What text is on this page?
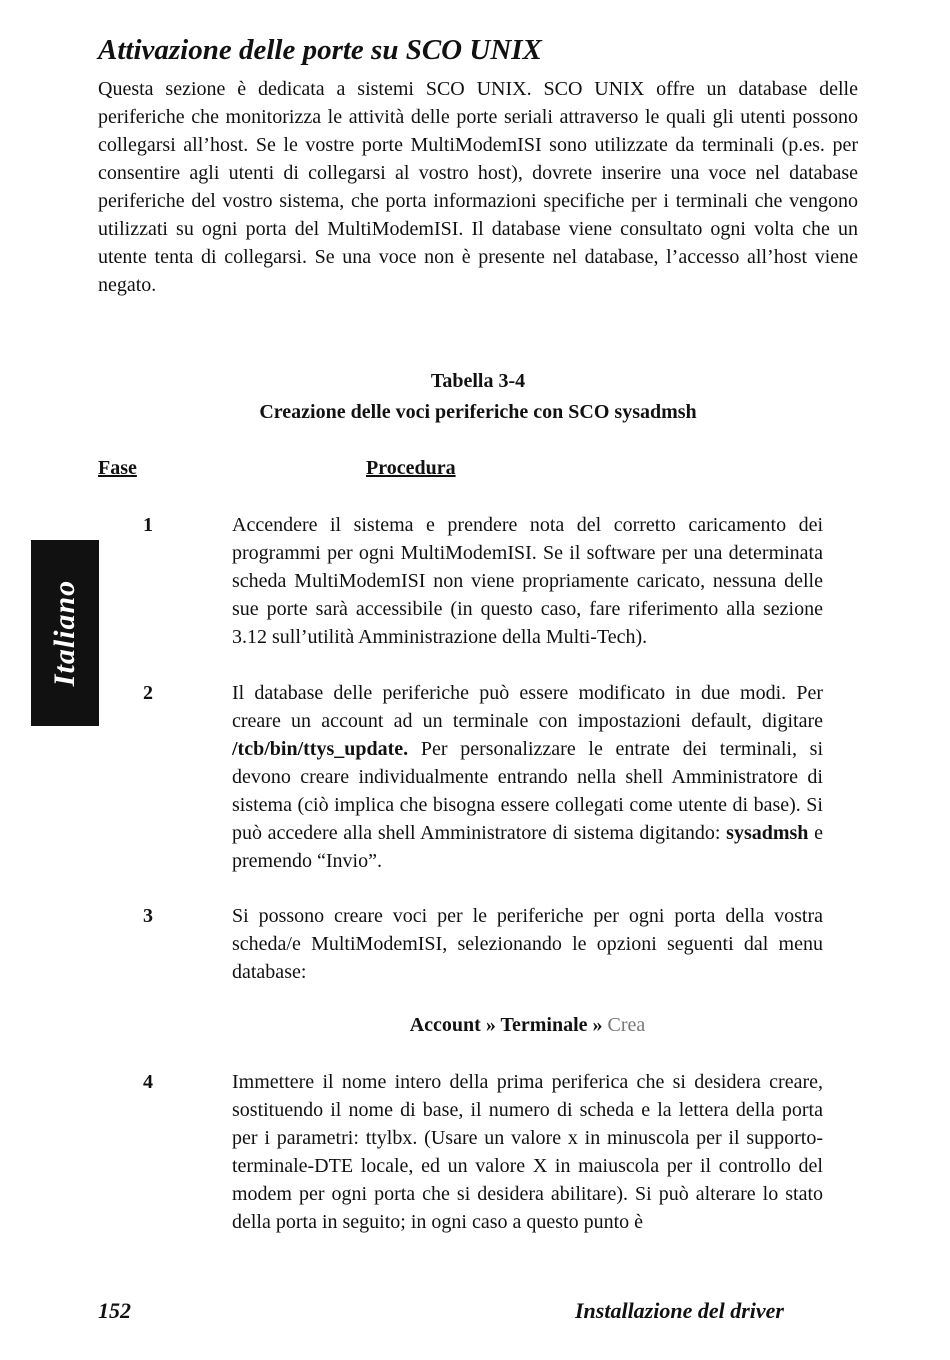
Attivazione delle porte su SCO UNIX

Questa sezione è dedicata a sistemi SCO UNIX. SCO UNIX offre un database delle periferiche che monitorizza le attività delle porte seriali attraverso le quali gli utenti possono collegarsi all’host. Se le vostre porte MultiModemISI sono utilizzate da terminali (p.es. per consentire agli utenti di collegarsi al vostro host), dovrete inserire una voce nel database periferiche del vostro sistema, che porta informazioni specifiche per i terminali che vengono utilizzati su ogni porta del MultiModemISI. Il database viene consultato ogni volta che un utente tenta di collegarsi. Se una voce non è presente nel database, l’accesso all’host viene negato.

Tabella 3-4
Creazione delle voci periferiche con SCO sysadmsh
Fase	Procedura
1	Accendere il sistema e prendere nota del corretto caricamento dei programmi per ogni MultiModemISI. Se il software per una determinata scheda MultiModemISI non viene propriamente caricato, nessuna delle sue porte sarà accessibile (in questo caso, fare riferimento alla sezione 3.12 sull’utilità Amministrazione della Multi-Tech).

2	Il database delle periferiche può essere modificato in due modi. Per creare un account ad un terminale con impostazioni default, digitare /tcb/bin/ttys_update. Per personalizzare le entrate dei terminali, si devono creare individualmente entrando nella shell Amministratore di sistema (ciò implica che bisogna essere collegati come utente di base). Si può accedere alla shell Amministratore di sistema digitando: sysadmsh e premendo “Invio”.

3	Si possono creare voci per le periferiche per ogni porta della vostra scheda/e MultiModemISI, selezionando le opzioni seguenti dal menu database:

Account » Terminale » Crea
4	Immettere il nome intero della prima periferica che si desidera creare, sostituendo il nome di base, il numero di scheda e la lettera della porta per i parametri: ttylbx. (Usare un valore x in minuscola per il supporto-terminale-DTE locale, ed un valore X in maiuscola per il controllo del modem per ogni porta che si desidera abilitare). Si può alterare lo stato della porta in seguito; in ogni caso a questo punto è

Italiano
152	Installazione del driver
